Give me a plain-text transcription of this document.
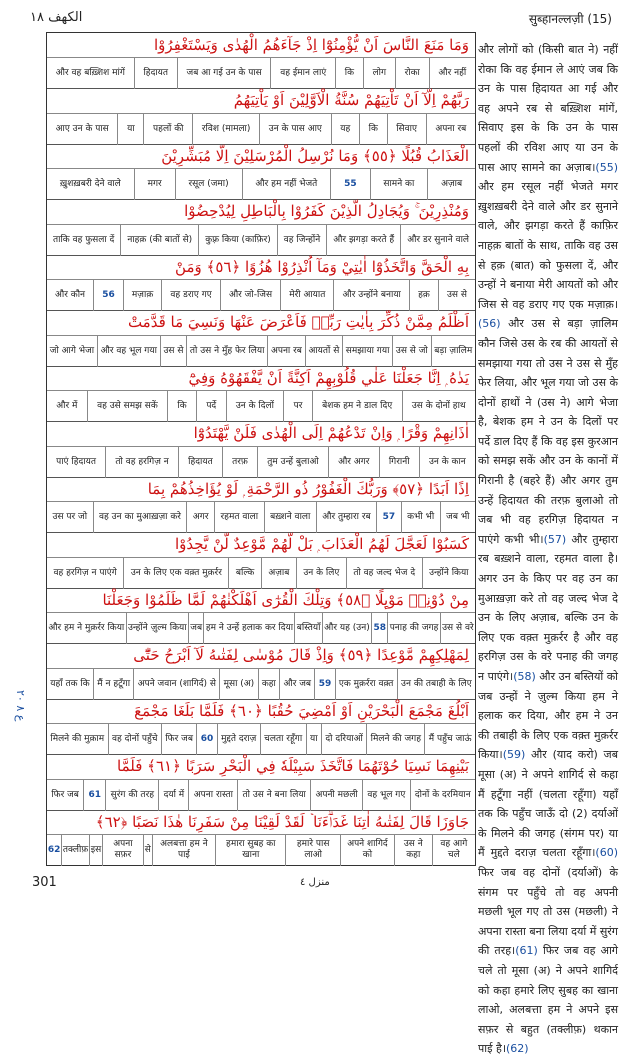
الكهف ١٨	सुब्हानल्लज़ी (15)
ع ٨ ٢٠
وَمَا مَنَعَ النَّاسَ اَنْ يُّؤْمِنُوْٓا اِذْ جَآءَهُمُ الْهُدٰى وَيَسْتَغْفِرُوْا
और नहीं
रोका
लोग
कि
वह ईमान लाएं
जब आ गई उन के पास
हिदायत
और वह बख़्शिश मांगें
رَبَّهُمْ اِلَّآ اَنْ تَاْتِيَهُمْ سُنَّةُ الْاَوَّلِيْنَ اَوْ يَاْتِيَهُمُ
अपना रब
सिवाए
कि
यह
उन के पास आए
रविश (मामला)
पहलों की
या
आए उन के पास
الْعَذَابُ قُبُلًا ﴿٥٥﴾ وَمَا نُرْسِلُ الْمُرْسَلِيْنَ اِلَّا مُبَشِّرِيْنَ
अज़ाब
सामने का
55
और हम नहीं भेजते
रसूल (जमा)
मगर
ख़ुशख़बरी देने वाले
وَمُنْذِرِيْنَ ۚ وَيُجَادِلُ الَّذِيْنَ كَفَرُوْا بِالْبَاطِلِ لِيُدْحِضُوْا
और डर सुनाने वाले
और झगड़ा करते हैं
वह जिन्होंने
कुफ़्र किया (काफ़िर)
नाहक़ (की बातों से)
ताकि वह फुसला दें
بِهِ الْحَقَّ وَاتَّخَذُوْٓا اٰيٰتِيْ وَمَآ اُنْذِرُوْا هُزُوًا ﴿٥٦﴾ وَمَنْ
उस से
हक़
और उन्होंने बनाया
मेरी आयात
और जो-जिस
वह डराए गए
मज़ाक़
56
और कौन
اَظْلَمُ مِمَّنْ ذُكِّرَ بِاٰيٰتِ رَبِّهٖ فَاَعْرَضَ عَنْهَا وَنَسِيَ مَا قَدَّمَتْ
बड़ा ज़ालिम
उस से जो
समझाया गया
आयतों से
अपना रब
तो उस ने मुँह फेर लिया
उस से
और वह भूल गया
जो आगे भेजा
يَدٰهُ ۭ اِنَّا جَعَلْنَا عَلٰي قُلُوْبِهِمْ اَكِنَّةً اَنْ يَّفْقَهُوْهُ وَفِيْٓ
उस के दोनों हाथ
बेशक हम ने डाल दिए
पर
उन के दिलों
पर्दे
कि
वह उसे समझ सकें
और में
اٰذَانِهِمْ وَقْرًا ۭ وَاِنْ تَدْعُهُمْ اِلَى الْهُدٰى فَلَنْ يَّهْتَدُوْٓا
उन के कान
गिरानी
और अगर
तुम उन्हें बुलाओ
तरफ़
हिदायत
तो वह हरगिज़ न
पाएं हिदायत
اِذًا اَبَدًا ﴿٥٧﴾ وَرَبُّكَ الْغَفُوْرُ ذُو الرَّحْمَةِ ۭ لَوْ يُؤَاخِذُهُمْ بِمَا
जब भी
कभी भी
57
और तुम्हारा रब
बख़्शने वाला
रहमत वाला
अगर
वह उन का मुआख़ज़ा करे
उस पर जो
كَسَبُوْا لَعَجَّلَ لَهُمُ الْعَذَابَ ۭ بَلْ لَّهُمْ مَّوْعِدٌ لَّنْ يَّجِدُوْا
उन्होंने किया
तो वह जल्द भेज दे
उन के लिए
अज़ाब
बल्कि
उन के लिए एक वक़्त मुक़र्रर
वह हरगिज़ न पाएंगे
مِنْ دُوْنِهٖ مَوْىِٕلًا ﴿٥٨﴾ وَتِلْكَ الْقُرٰٓى اَهْلَكْنٰهُمْ لَمَّا ظَلَمُوْا وَجَعَلْنَا
उस से वरे
पनाह की जगह
58
और यह (उन)
बस्तियाँ
हम ने उन्हें हलाक कर दिया
जब
उन्होंने ज़ुल्म किया
और हम ने मुक़र्रर किया
لِمَهْلِكِهِمْ مَّوْعِدًا ﴿٥٩﴾ وَاِذْ قَالَ مُوْسٰى لِفَتٰىهُ لَآ اَبْرَحُ حَتّٰٓى
उन की तबाही के लिए
एक मुक़र्ररा वक़्त
59
और जब
कहा
मूसा (अ)
अपने जवान (शागिर्द) से
मैं न हटूँगा
यहाँ तक कि
اَبْلُغَ مَجْمَعَ الْبَحْرَيْنِ اَوْ اَمْضِيَ حُقُبًا ﴿٦٠﴾ فَلَمَّا بَلَغَا مَجْمَعَ
मैं पहुँच जाऊं
मिलने की जगह
दो दरियाओं
या
चलता रहूँगा
मुद्दते दराज़
60
फिर जब
वह दोनों पहुँचे
मिलने की मुक़ाम
بَيْنِهِمَا نَسِيَا حُوْتَهُمَا فَاتَّخَذَ سَبِيْلَهٗ فِي الْبَحْرِ سَرَبًا ﴿٦١﴾ فَلَمَّا
दोनों के दरमियान
वह भूल गए
अपनी मछली
तो उस ने बना लिया
अपना रास्ता
दर्या में
सुरंग की तरह
61
फिर जब
جَاوَزَا قَالَ لِفَتٰىهُ اٰتِنَا غَدَاۗءَنَا ۡ لَقَدْ لَقِيْنَا مِنْ سَفَرِنَا هٰذَا نَصَبًا ﴿٦٢﴾
वह आगे चले
उस ने कहा
अपने शागिर्द को
हमारे पास लाओ
हमारा सुबह का खाना
अलबत्ता हम ने पाई
से
अपना सफ़र
इस
तक्लीफ़
62
और लोगों को (किसी बात ने) नहीं रोका कि वह ईमान ले आएं जब कि उन के पास हिदायत आ गई और वह अपने रब से बख़्शिश मांगें, सिवाए इस के कि उन के पास पहलों की रविश आए या उन के पास आए सामने का अज़ाब।(55) और हम रसूल नहीं भेजते मगर ख़ुशख़बरी देने वाले और डर सुनाने वाले, और झगड़ा करते हैं काफ़िर नाहक़ बातों के साथ, ताकि वह उस से हक़ (बात) को फुसला दें, और उन्हों ने बनाया मेरी आयतों को और जिस से वह डराए गए एक मज़ाक़।(56) और उस से बड़ा ज़ालिम कौन जिसे उस के रब की आयतों से समझाया गया तो उस ने उस से मुँह फेर लिया, और भूल गया जो उस के दोनों हाथों ने (उस ने) आगे भेजा है, बेशक हम ने उन के दिलों पर पर्दे डाल दिए हैं कि वह इस कुरआन को समझ सकें और उन के कानों में गिरानी है (बहरे हैं) और अगर तुम उन्हें हिदायत की तरफ़ बुलाओ तो जब भी वह हरगिज़ हिदायत न पाएंगे कभी भी।(57) और तुम्हारा रब बख़्शने वाला, रहमत वाला है। अगर उन के किए पर वह उन का मुआख़ज़ा करे तो वह जल्द भेज दे उन के लिए अज़ाब, बल्कि उन के लिए एक वक़्त मुक़र्रर है और वह हरगिज़ उस के वरे पनाह की जगह न पाएंगे।(58) और उन बस्तियों को जब उन्हों ने ज़ुल्म किया हम ने हलाक कर दिया, और हम ने उन की तबाही के लिए एक वक़्त मुक़र्रर किया।(59) और (याद करो) जब मूसा (अ) ने अपने शागिर्द से कहा मैं हटूँगा नहीं (चलता रहूँगा) यहाँ तक कि पहुँच जाऊँ दो (2) दर्याओं के मिलने की जगह (संगम पर) या मैं मुद्दते दराज़ चलता रहूँगा।(60) फिर जब वह दोनों (दर्याओं) के संगम पर पहुँचे तो वह अपनी मछली भूल गए तो उस (मछली) ने अपना रास्ता बना लिया दर्या में सुरंग की तरह।(61) फिर जब वह आगे चले तो मूसा (अ) ने अपने शागिर्द को कहा हमारे लिए सुबह का खाना लाओ, अलबत्ता हम ने अपने इस सफ़र से बहुत (तक्लीफ़) थकान पाई है।(62)
301	منزل ٤
